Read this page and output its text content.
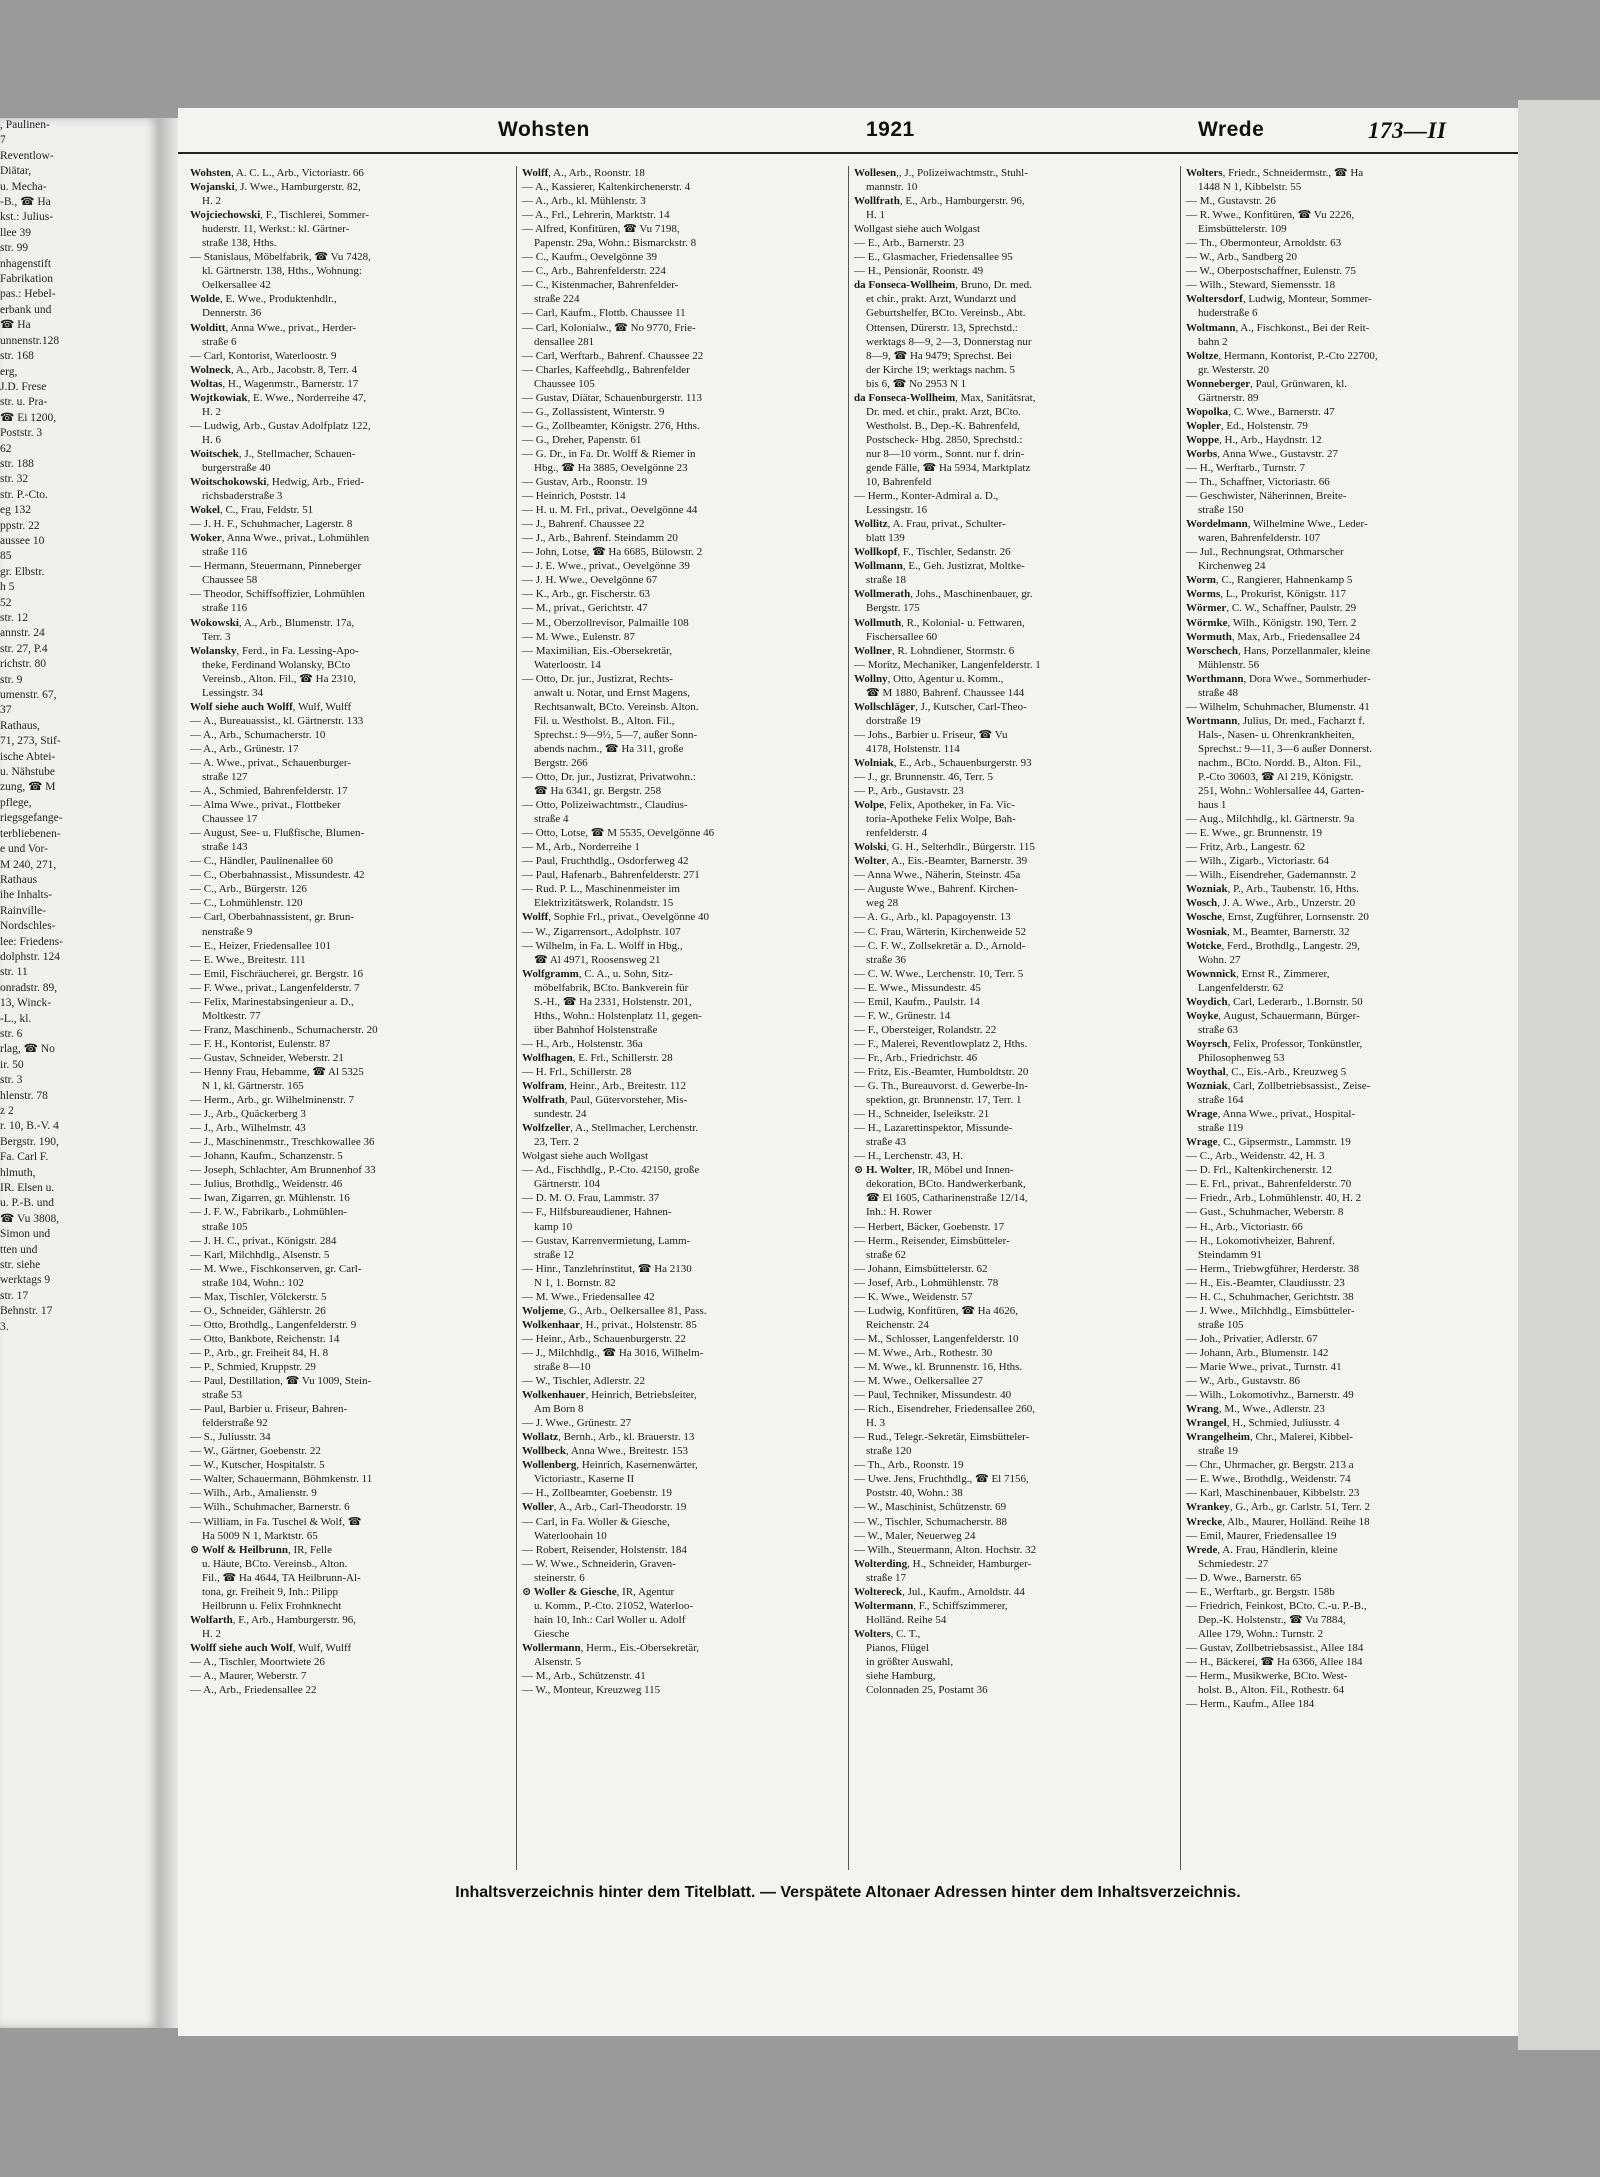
, Paulinen-
7
Reventlow-
Diätar,
u. Mecha-
-B., ☎ Ha
kst.: Julius-
llee 39
str. 99
nhagenstift
Fabrikation
pas.: Hebel-
erbank und
☎ Ha
unnenstr.128
str. 168
erg,
J.D. Frese
str. u. Pra-
☎ Ei 1200,
Poststr. 3
62
str. 188
str. 32
str. P.-Cto.
eg 132
ppstr. 22
aussee 10
85
gr. Elbstr.
h 5
52
str. 12
annstr. 24
str. 27, P.4
richstr. 80
str. 9
umenstr. 67,
37
Rathaus,
71, 273, Stif-
ische Abtei-
u. Nähstube
zung, ☎ M
pflege,
riegsgefange-
terbliebenen-
e und Vor-
M 240, 271,
Rathaus
ihe Inhalts-
Rainville-
Nordschles-
lee: Friedens-
dolphstr. 124
str. 11
onradstr. 89,
13, Winck-
-L., kl.
str. 6
rlag, ☎ No
ir. 50
str. 3
hlenstr. 78
z 2
r. 10, B.-V. 4
Bergstr. 190,
Fa. Carl F.
hlmuth,
IR. Elsen u.
u. P.-B. und
☎ Vu 3808,
Simon und
tten und
str. siehe
werktags 9
str. 17
Behnstr. 17
3.
Wohsten	1921	Wrede	173—II
Wohsten, A. C. L., Arb., Victoriastr. 66
Wojanski, J. Wwe., Hamburgerstr. 82,
H. 2
Wojciechowski, F., Tischlerei, Sommer-
huderstr. 11, Werkst.: kl. Gärtner-
straße 138, Hths.
— Stanislaus, Möbelfabrik, ☎ Vu 7428,
kl. Gärtnerstr. 138, Hths., Wohnung:
Oelkersallee 42
Wolde, E. Wwe., Produktenhdlr.,
Dennerstr. 36
Wolditt, Anna Wwe., privat., Herder-
straße 6
— Carl, Kontorist, Waterloostr. 9
Wolneck, A., Arb., Jacobstr. 8, Terr. 4
Woltas, H., Wagenmstr., Barnerstr. 17
Wojtkowiak, E. Wwe., Norderreihe 47,
H. 2
— Ludwig, Arb., Gustav Adolfplatz 122,
H. 6
Woitschek, J., Stellmacher, Schauen-
burgerstraße 40
Woitschokowski, Hedwig, Arb., Fried-
richsbaderstraße 3
Wokel, C., Frau, Feldstr. 51
— J. H. F., Schuhmacher, Lagerstr. 8
Woker, Anna Wwe., privat., Lohmühlen
straße 116
— Hermann, Steuermann, Pinneberger
Chaussee 58
— Theodor, Schiffsoffizier, Lohmühlen
straße 116
Wokowski, A., Arb., Blumenstr. 17a,
Terr. 3
Wolansky, Ferd., in Fa. Lessing-Apo-
theke, Ferdinand Wolansky, BCto
Vereinsb., Alton. Fil., ☎ Ha 2310,
Lessingstr. 34
Wolf siehe auch Wolff, Wulf, Wulff
— A., Bureauassist., kl. Gärtnerstr. 133
— A., Arb., Schumacherstr. 10
— A., Arb., Grünestr. 17
— A. Wwe., privat., Schauenburger-
straße 127
— A., Schmied, Bahrenfelderstr. 17
— Alma Wwe., privat., Flottbeker
Chaussee 17
— August, See- u. Flußfische, Blumen-
straße 143
— C., Händler, Paulinenallee 60
— C., Oberbahnassist., Missundestr. 42
— C., Arb., Bürgerstr. 126
— C., Lohmühlenstr. 120
— Carl, Oberbahnassistent, gr. Brun-
nenstraße 9
— E., Heizer, Friedensallee 101
— E. Wwe., Breitestr. 111
— Emil, Fischräucherei, gr. Bergstr. 16
— F. Wwe., privat., Langenfelderstr. 7
— Felix, Marinestabsingenieur a. D.,
Moltkestr. 77
— Franz, Maschinenb., Schumacherstr. 20
— F. H., Kontorist, Eulenstr. 87
— Gustav, Schneider, Weberstr. 21
— Henny Frau, Hebamme, ☎ Al 5325
N 1, kl. Gärtnerstr. 165
— Herm., Arb., gr. Wilhelminenstr. 7
— J., Arb., Quäckerberg 3
— J., Arb., Wilhelmstr. 43
— J., Maschinenmstr., Treschkowallee 36
— Johann, Kaufm., Schanzenstr. 5
— Joseph, Schlachter, Am Brunnenhof 33
— Julius, Brothdlg., Weidenstr. 46
— Iwan, Zigarren, gr. Mühlenstr. 16
— J. F. W., Fabrikarb., Lohmühlen-
straße 105
— J. H. C., privat., Königstr. 284
— Karl, Milchhdlg., Alsenstr. 5
— M. Wwe., Fischkonserven, gr. Carl-
straße 104, Wohn.: 102
— Max, Tischler, Völckerstr. 5
— O., Schneider, Gählerstr. 26
— Otto, Brothdlg., Langenfelderstr. 9
— Otto, Bankbote, Reichenstr. 14
— P., Arb., gr. Freiheit 84, H. 8
— P., Schmied, Kruppstr. 29
— Paul, Destillation, ☎ Vu 1009, Stein-
straße 53
— Paul, Barbier u. Friseur, Bahren-
felderstraße 92
— S., Juliusstr. 34
— W., Gärtner, Goebenstr. 22
— W., Kutscher, Hospitalstr. 5
— Walter, Schauermann, Böhmkenstr. 11
— Wilh., Arb., Amalienstr. 9
— Wilh., Schuhmacher, Barnerstr. 6
— William, in Fa. Tuschel & Wolf, ☎
Ha 5009 N 1, Marktstr. 65
⊙ Wolf & Heilbrunn, IR, Felle
u. Häute, BCto. Vereinsb., Alton.
Fil., ☎ Ha 4644, TA Heilbrunn-Al-
tona, gr. Freiheit 9, Inh.: Pilipp
Heilbrunn u. Felix Frohnknecht
Wolfarth, F., Arb., Hamburgerstr. 96,
H. 2
Wolff siehe auch Wolf, Wulf, Wulff
— A., Tischler, Moortwiete 26
— A., Maurer, Weberstr. 7
— A., Arb., Friedensallee 22
Wolff, A., Arb., Roonstr. 18
— A., Kassierer, Kaltenkirchenerstr. 4
— A., Arb., kl. Mühlenstr. 3
— A., Frl., Lehrerin, Marktstr. 14
— Alfred, Konfitüren, ☎ Vu 7198,
Papenstr. 29a, Wohn.: Bismarckstr. 8
— C., Kaufm., Oevelgönne 39
— C., Arb., Bahrenfelderstr. 224
— C., Kistenmacher, Bahrenfelder-
straße 224
— Carl, Kaufm., Flottb. Chaussee 11
— Carl, Kolonialw., ☎ No 9770, Frie-
densallee 281
— Carl, Werftarb., Bahrenf. Chaussee 22
— Charles, Kaffeehdlg., Bahrenfelder
Chaussee 105
— Gustav, Diätar, Schauenburgerstr. 113
— G., Zollassistent, Winterstr. 9
— G., Zollbeamter, Königstr. 276, Hths.
— G., Dreher, Papenstr. 61
— G. Dr., in Fa. Dr. Wolff & Riemer in
Hbg., ☎ Ha 3885, Oevelgönne 23
— Gustav, Arb., Roonstr. 19
— Heinrich, Poststr. 14
— H. u. M. Frl., privat., Oevelgönne 44
— J., Bahrenf. Chaussee 22
— J., Arb., Bahrenf. Steindamm 20
— John, Lotse, ☎ Ha 6685, Bülowstr. 2
— J. E. Wwe., privat., Oevelgönne 39
— J. H. Wwe., Oevelgönne 67
— K., Arb., gr. Fischerstr. 63
— M., privat., Gerichtstr. 47
— M., Oberzollrevisor, Palmaille 108
— M. Wwe., Eulenstr. 87
— Maximilian, Eis.-Obersekretär,
Waterloostr. 14
— Otto, Dr. jur., Justizrat, Rechts-
anwalt u. Notar, und Ernst Magens,
Rechtsanwalt, BCto. Vereinsb. Alton.
Fil. u. Westholst. B., Alton. Fil.,
Sprechst.: 9—9½, 5—7, außer Sonn-
abends nachm., ☎ Ha 311, große
Bergstr. 266
— Otto, Dr. jur., Justizrat, Privatwohn.:
☎ Ha 6341, gr. Bergstr. 258
— Otto, Polizeiwachtmstr., Claudius-
straße 4
— Otto, Lotse, ☎ M 5535, Oevelgönne 46
— M., Arb., Norderreihe 1
— Paul, Fruchthdlg., Osdorferweg 42
— Paul, Hafenarb., Bahrenfelderstr. 271
— Rud. P. L., Maschinenmeister im
Elektrizitätswerk, Rolandstr. 15
Wolff, Sophie Frl., privat., Oevelgönne 40
— W., Zigarrensort., Adolphstr. 107
— Wilhelm, in Fa. L. Wolff in Hbg.,
☎ Al 4971, Roosensweg 21
Wolfgramm, C. A., u. Sohn, Sitz-
möbelfabrik, BCto. Bankverein für
S.-H., ☎ Ha 2331, Holstenstr. 201,
Hths., Wohn.: Holstenplatz 11, gegen-
über Bahnhof Holstenstraße
— H., Arb., Holstenstr. 36a
Wolfhagen, E. Frl., Schillerstr. 28
— H. Frl., Schillerstr. 28
Wolfram, Heinr., Arb., Breitestr. 112
Wolfrath, Paul, Gütervorsteher, Mis-
sundestr. 24
Wolfzeller, A., Stellmacher, Lerchenstr.
23, Terr. 2
Wolgast siehe auch Wollgast
— Ad., Fischhdlg., P.-Cto. 42150, große
Gärtnerstr. 104
— D. M. O. Frau, Lammstr. 37
— F., Hilfsbureaudiener, Hahnen-
kamp 10
— Gustav, Karrenvermietung, Lamm-
straße 12
— Hinr., Tanzlehrinstitut, ☎ Ha 2130
N 1, 1. Bornstr. 82
— M. Wwe., Friedensallee 42
Woljeme, G., Arb., Oelkersallee 81, Pass.
Wolkenhaar, H., privat., Holstenstr. 85
— Heinr., Arb., Schauenburgerstr. 22
— J., Milchhdlg., ☎ Ha 3016, Wilhelm-
straße 8—10
— W., Tischler, Adlerstr. 22
Wolkenhauer, Heinrich, Betriebsleiter,
Am Born 8
— J. Wwe., Grünestr. 27
Wollatz, Bernh., Arb., kl. Brauerstr. 13
Wollbeck, Anna Wwe., Breitestr. 153
Wollenberg, Heinrich, Kasernenwärter,
Victoriastr., Kaserne II
— H., Zollbeamter, Goebenstr. 19
Woller, A., Arb., Carl-Theodorstr. 19
— Carl, in Fa. Woller & Giesche,
Waterloohain 10
— Robert, Reisender, Holstenstr. 184
— W. Wwe., Schneiderin, Graven-
steinerstr. 6
⊙ Woller & Giesche, IR, Agentur
u. Komm., P.-Cto. 21052, Waterloo-
hain 10, Inh.: Carl Woller u. Adolf
Giesche
Wollermann, Herm., Eis.-Obersekretär,
Alsenstr. 5
— M., Arb., Schützenstr. 41
— W., Monteur, Kreuzweg 115
Wollesen,, J., Polizeiwachtmstr., Stuhl-
mannstr. 10
Wollfrath, E., Arb., Hamburgerstr. 96,
H. 1
Wollgast siehe auch Wolgast
— E., Arb., Barnerstr. 23
— E., Glasmacher, Friedensallee 95
— H., Pensionär, Roonstr. 49
da Fonseca-Wollheim, Bruno, Dr. med.
et chir., prakt. Arzt, Wundarzt und
Geburtshelfer, BCto. Vereinsb., Abt.
Ottensen, Dürerstr. 13, Sprechstd.:
werktags 8—9, 2—3, Donnerstag nur
8—9, ☎ Ha 9479; Sprechst. Bei
der Kirche 19; werktags nachm. 5
bis 6, ☎ No 2953 N 1
da Fonseca-Wollheim, Max, Sanitätsrat,
Dr. med. et chir., prakt. Arzt, BCto.
Westholst. B., Dep.-K. Bahrenfeld,
Postscheck- Hbg. 2850, Sprechstd.:
nur 8—10 vorm., Sonnt. nur f. drin-
gende Fälle, ☎ Ha 5934, Marktplatz
10, Bahrenfeld
— Herm., Konter-Admiral a. D.,
Lessingstr. 16
Wollitz, A. Frau, privat., Schulter-
blatt 139
Wollkopf, F., Tischler, Sedanstr. 26
Wollmann, E., Geh. Justizrat, Moltke-
straße 18
Wollmerath, Johs., Maschinenbauer, gr.
Bergstr. 175
Wollmuth, R., Kolonial- u. Fettwaren,
Fischersallee 60
Wollner, R. Lohndiener, Stormstr. 6
— Moritz, Mechaniker, Langenfelderstr. 1
Wollny, Otto, Agentur u. Komm.,
☎ M 1880, Bahrenf. Chaussee 144
Wollschläger, J., Kutscher, Carl-Theo-
dorstraße 19
— Johs., Barbier u. Friseur, ☎ Vu
4178, Holstenstr. 114
Wolniak, E., Arb., Schauenburgerstr. 93
— J., gr. Brunnenstr. 46, Terr. 5
— P., Arb., Gustavstr. 23
Wolpe, Felix, Apotheker, in Fa. Vic-
toria-Apotheke Felix Wolpe, Bah-
renfelderstr. 4
Wolski, G. H., Selterhdlr., Bürgerstr. 115
Wolter, A., Eis.-Beamter, Barnerstr. 39
— Anna Wwe., Näherin, Steinstr. 45a
— Auguste Wwe., Bahrenf. Kirchen-
weg 28
— A. G., Arb., kl. Papagoyenstr. 13
— C. Frau, Wärterin, Kirchenweide 52
— C. F. W., Zollsekretär a. D., Arnold-
straße 36
— C. W. Wwe., Lerchenstr. 10, Terr. 5
— E. Wwe., Missundestr. 45
— Emil, Kaufm., Paulstr. 14
— F. W., Grünestr. 14
— F., Obersteiger, Rolandstr. 22
— F., Malerei, Reventlowplatz 2, Hths.
— Fr., Arb., Friedrichstr. 46
— Fritz, Eis.-Beamter, Humboldtstr. 20
— G. Th., Bureauvorst. d. Gewerbe-In-
spektion, gr. Brunnenstr. 17, Terr. 1
— H., Schneider, Iseleikstr. 21
— H., Lazarettinspektor, Missunde-
straße 43
— H., Lerchenstr. 43, H.
⊙ H. Wolter, IR, Möbel und Innen-
dekoration, BCto. Handwerkerbank,
☎ El 1605, Catharinenstraße 12/14,
Inh.: H. Rower
— Herbert, Bäcker, Goebenstr. 17
— Herm., Reisender, Eimsbütteler-
straße 62
— Johann, Eimsbüttelerstr. 62
— Josef, Arb., Lohmühlenstr. 78
— K. Wwe., Weidenstr. 57
— Ludwig, Konfitüren, ☎ Ha 4626,
Reichenstr. 24
— M., Schlosser, Langenfelderstr. 10
— M. Wwe., Arb., Rothestr. 30
— M. Wwe., kl. Brunnenstr. 16, Hths.
— M. Wwe., Oelkersallee 27
— Paul, Techniker, Missundestr. 40
— Rich., Eisendreher, Friedensallee 260,
H. 3
— Rud., Telegr.-Sekretär, Eimsbütteler-
straße 120
— Th., Arb., Roonstr. 19
— Uwe. Jens, Fruchthdlg., ☎ El 7156,
Poststr. 40, Wohn.: 38
— W., Maschinist, Schützenstr. 69
— W., Tischler, Schumacherstr. 88
— W., Maler, Neuerweg 24
— Wilh., Steuermann, Alton. Hochstr. 32
Wolterding, H., Schneider, Hamburger-
straße 17
Woltereck, Jul., Kaufm., Arnoldstr. 44
Woltermann, F., Schiffszimmerer,
Holländ. Reihe 54
Wolters, C. T.,
Pianos, Flügel
in größter Auswahl,
siehe Hamburg,
Colonnaden 25, Postamt 36
Wolters, Friedr., Schneidermstr., ☎ Ha
1448 N 1, Kibbelstr. 55
— M., Gustavstr. 26
— R. Wwe., Konfitüren, ☎ Vu 2226,
Eimsbüttelerstr. 109
— Th., Obermonteur, Arnoldstr. 63
— W., Arb., Sandberg 20
— W., Oberpostschaffner, Eulenstr. 75
— Wilh., Steward, Siemensstr. 18
Woltersdorf, Ludwig, Monteur, Sommer-
huderstraße 6
Woltmann, A., Fischkonst., Bei der Reit-
bahn 2
Woltze, Hermann, Kontorist, P.-Cto 22700,
gr. Westerstr. 20
Wonneberger, Paul, Grünwaren, kl.
Gärtnerstr. 89
Wopolka, C. Wwe., Barnerstr. 47
Wopler, Ed., Holstenstr. 79
Woppe, H., Arb., Haydnstr. 12
Worbs, Anna Wwe., Gustavstr. 27
— H., Werftarb., Turnstr. 7
— Th., Schaffner, Victoriastr. 66
— Geschwister, Näherinnen, Breite-
straße 150
Wordelmann, Wilhelmine Wwe., Leder-
waren, Bahrenfelderstr. 107
— Jul., Rechnungsrat, Othmarscher
Kirchenweg 24
Worm, C., Rangierer, Hahnenkamp 5
Worms, L., Prokurist, Königstr. 117
Wörmer, C. W., Schaffner, Paulstr. 29
Wörmke, Wilh., Königstr. 190, Terr. 2
Wormuth, Max, Arb., Friedensallee 24
Worschech, Hans, Porzellanmaler, kleine
Mühlenstr. 56
Worthmann, Dora Wwe., Sommerhuder-
straße 48
— Wilhelm, Schuhmacher, Blumenstr. 41
Wortmann, Julius, Dr. med., Facharzt f.
Hals-, Nasen- u. Ohrenkrankheiten,
Sprechst.: 9—11, 3—6 außer Donnerst.
nachm., BCto. Nordd. B., Alton. Fil.,
P.-Cto 30603, ☎ Al 219, Königstr.
251, Wohn.: Wohlersallee 44, Garten-
haus 1
— Aug., Milchhdlg., kl. Gärtnerstr. 9a
— E. Wwe., gr. Brunnenstr. 19
— Fritz, Arb., Langestr. 62
— Wilh., Zigarb., Victoriastr. 64
— Wilh., Eisendreher, Gademannstr. 2
Wozniak, P., Arb., Taubenstr. 16, Hths.
Wosch, J. A. Wwe., Arb., Unzerstr. 20
Wosche, Ernst, Zugführer, Lornsenstr. 20
Wosniak, M., Beamter, Barnerstr. 32
Wotcke, Ferd., Brothdlg., Langestr. 29,
Wohn. 27
Wownnick, Ernst R., Zimmerer,
Langenfelderstr. 62
Woydich, Carl, Lederarb., 1.Bornstr. 50
Woyke, August, Schauermann, Bürger-
straße 63
Woyrsch, Felix, Professor, Tonkünstler,
Philosophenweg 53
Woythal, C., Eis.-Arb., Kreuzweg 5
Wozniak, Carl, Zollbetriebsassist., Zeise-
straße 164
Wrage, Anna Wwe., privat., Hospital-
straße 119
Wrage, C., Gipsermstr., Lammstr. 19
— C., Arb., Weidenstr. 42, H. 3
— D. Frl., Kaltenkirchenerstr. 12
— E. Frl., privat., Bahrenfelderstr. 70
— Friedr., Arb., Lohmühlenstr. 40, H. 2
— Gust., Schuhmacher, Weberstr. 8
— H., Arb., Victoriastr. 66
— H., Lokomotivheizer, Bahrenf.
Steindamm 91
— Herm., Triebwgführer, Herderstr. 38
— H., Eis.-Beamter, Claudiusstr. 23
— H. C., Schuhmacher, Gerichtstr. 38
— J. Wwe., Milchhdlg., Eimsbütteler-
straße 105
— Joh., Privatier, Adlerstr. 67
— Johann, Arb., Blumenstr. 142
— Marie Wwe., privat., Turnstr. 41
— W., Arb., Gustavstr. 86
— Wilh., Lokomotivhz., Barnerstr. 49
Wrang, M., Wwe., Adlerstr. 23
Wrangel, H., Schmied, Juliusstr. 4
Wrangelheim, Chr., Malerei, Kibbel-
straße 19
— Chr., Uhrmacher, gr. Bergstr. 213 a
— E. Wwe., Brothdlg., Weidenstr. 74
— Karl, Maschinenbauer, Kibbelstr. 23
Wrankey, G., Arb., gr. Carlstr. 51, Terr. 2
Wrecke, Alb., Maurer, Holländ. Reihe 18
— Emil, Maurer, Friedensallee 19
Wrede, A. Frau, Händlerin, kleine
Schmiedestr. 27
— D. Wwe., Barnerstr. 65
— E., Werftarb., gr. Bergstr. 158b
— Friedrich, Feinkost, BCto. C.-u. P.-B.,
Dep.-K. Holstenstr., ☎ Vu 7884,
Allee 179, Wohn.: Turnstr. 2
— Gustav, Zollbetriebsassist., Allee 184
— H., Bäckerei, ☎ Ha 6366, Allee 184
— Herm., Musikwerke, BCto. West-
holst. B., Alton. Fil., Rothestr. 64
— Herm., Kaufm., Allee 184
Inhaltsverzeichnis hinter dem Titelblatt. — Verspätete Altonaer Adressen hinter dem Inhaltsverzeichnis.
